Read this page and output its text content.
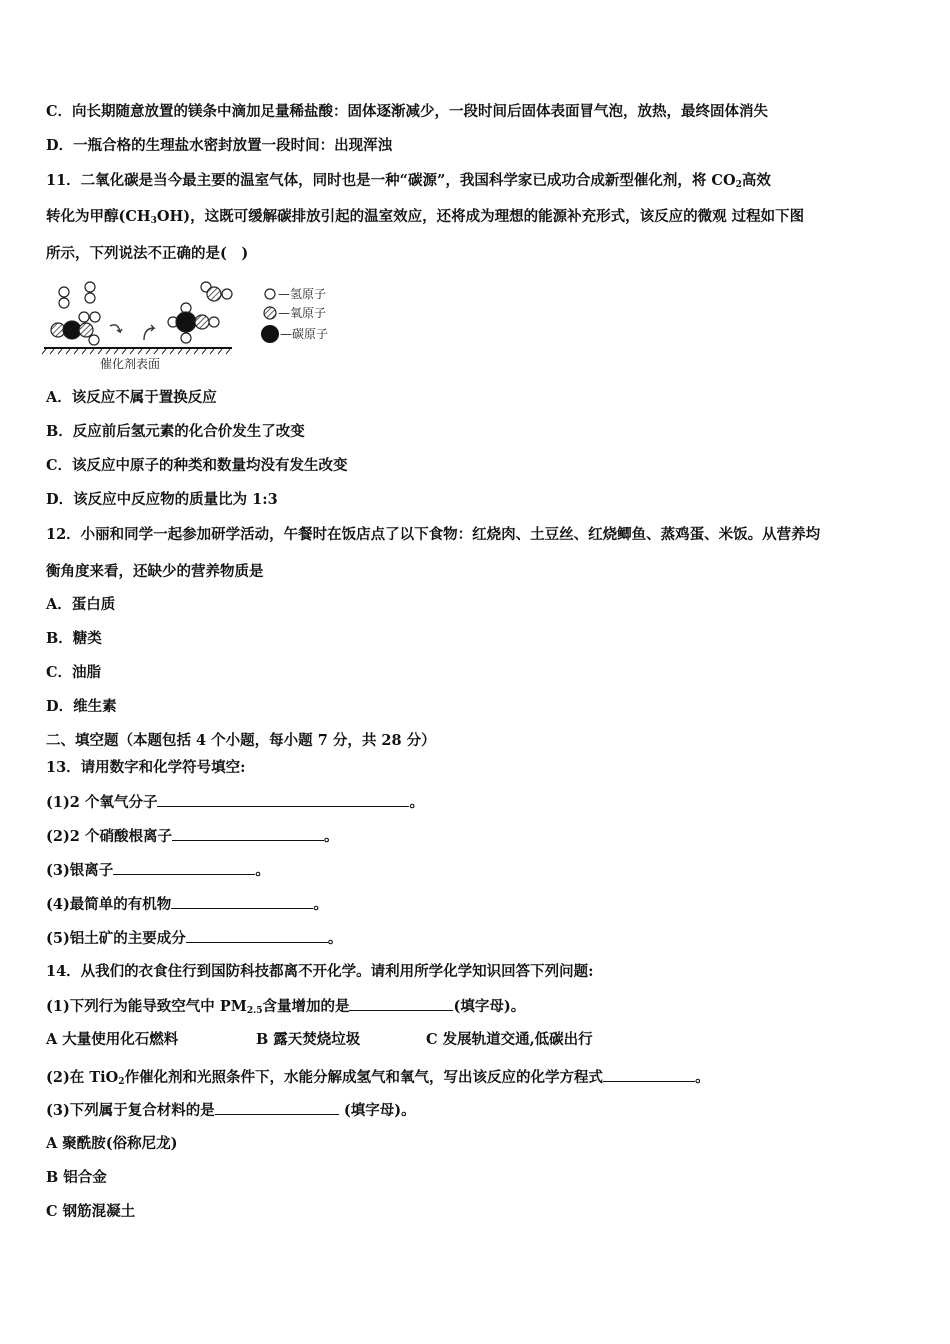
C．向长期随意放置的镁条中滴加足量稀盐酸：固体逐渐减少，一段时间后固体表面冒气泡，放热，最终固体消失
D．一瓶合格的生理盐水密封放置一段时间：出现浑浊
11．二氧化碳是当今最主要的温室气体，同时也是一种“碳源”，我国科学家已成功合成新型催化剂，将 $CO_2$高效
转化为甲醇$(CH_3OH)$，这既可缓解碳排放引起的温室效应，还将成为理想的能源补充形式，该反应的微观 过程如下图
所示，下列说法不正确的是(　)
催化剂表面
—氢原子
—氧原子
—碳原子
A．该反应不属于置换反应
B．反应前后氢元素的化合价发生了改变
C．该反应中原子的种类和数量均没有发生改变
D．该反应中反应物的质量比为 1:3
12．小丽和同学一起参加研学活动，午餐时在饭店点了以下食物：红烧肉、土豆丝、红烧鲫鱼、蒸鸡蛋、米饭。从营养均
衡角度来看，还缺少的营养物质是
A．蛋白质
B．糖类
C．油脂
D．维生素
二、填空题（本题包括 4 个小题，每小题 7 分，共 28 分）
13．请用数字和化学符号填空:
(1)2 个氧气分子	。
(2)2 个硝酸根离子	。
(3)银离子	。
(4)最简单的有机物	。
(5)铝土矿的主要成分	。
14．从我们的衣食住行到国防科技都离不开化学。请利用所学化学知识回答下列问题:
(1)下列行为能导致空气中 $PM_{2.5}$含量增加的是	(填字母)。
A 大量使用化石燃料	B 露天焚烧垃圾	C 发展轨道交通,低碳出行
(2)在 TiO$_2$作催化剂和光照条件下，水能分解成氢气和氧气，写出该反应的化学方程式	。
(3)下列属于复合材料的是	(填字母)。
A 聚酰胺(俗称尼龙)
B 铝合金
C 钢筋混凝土
